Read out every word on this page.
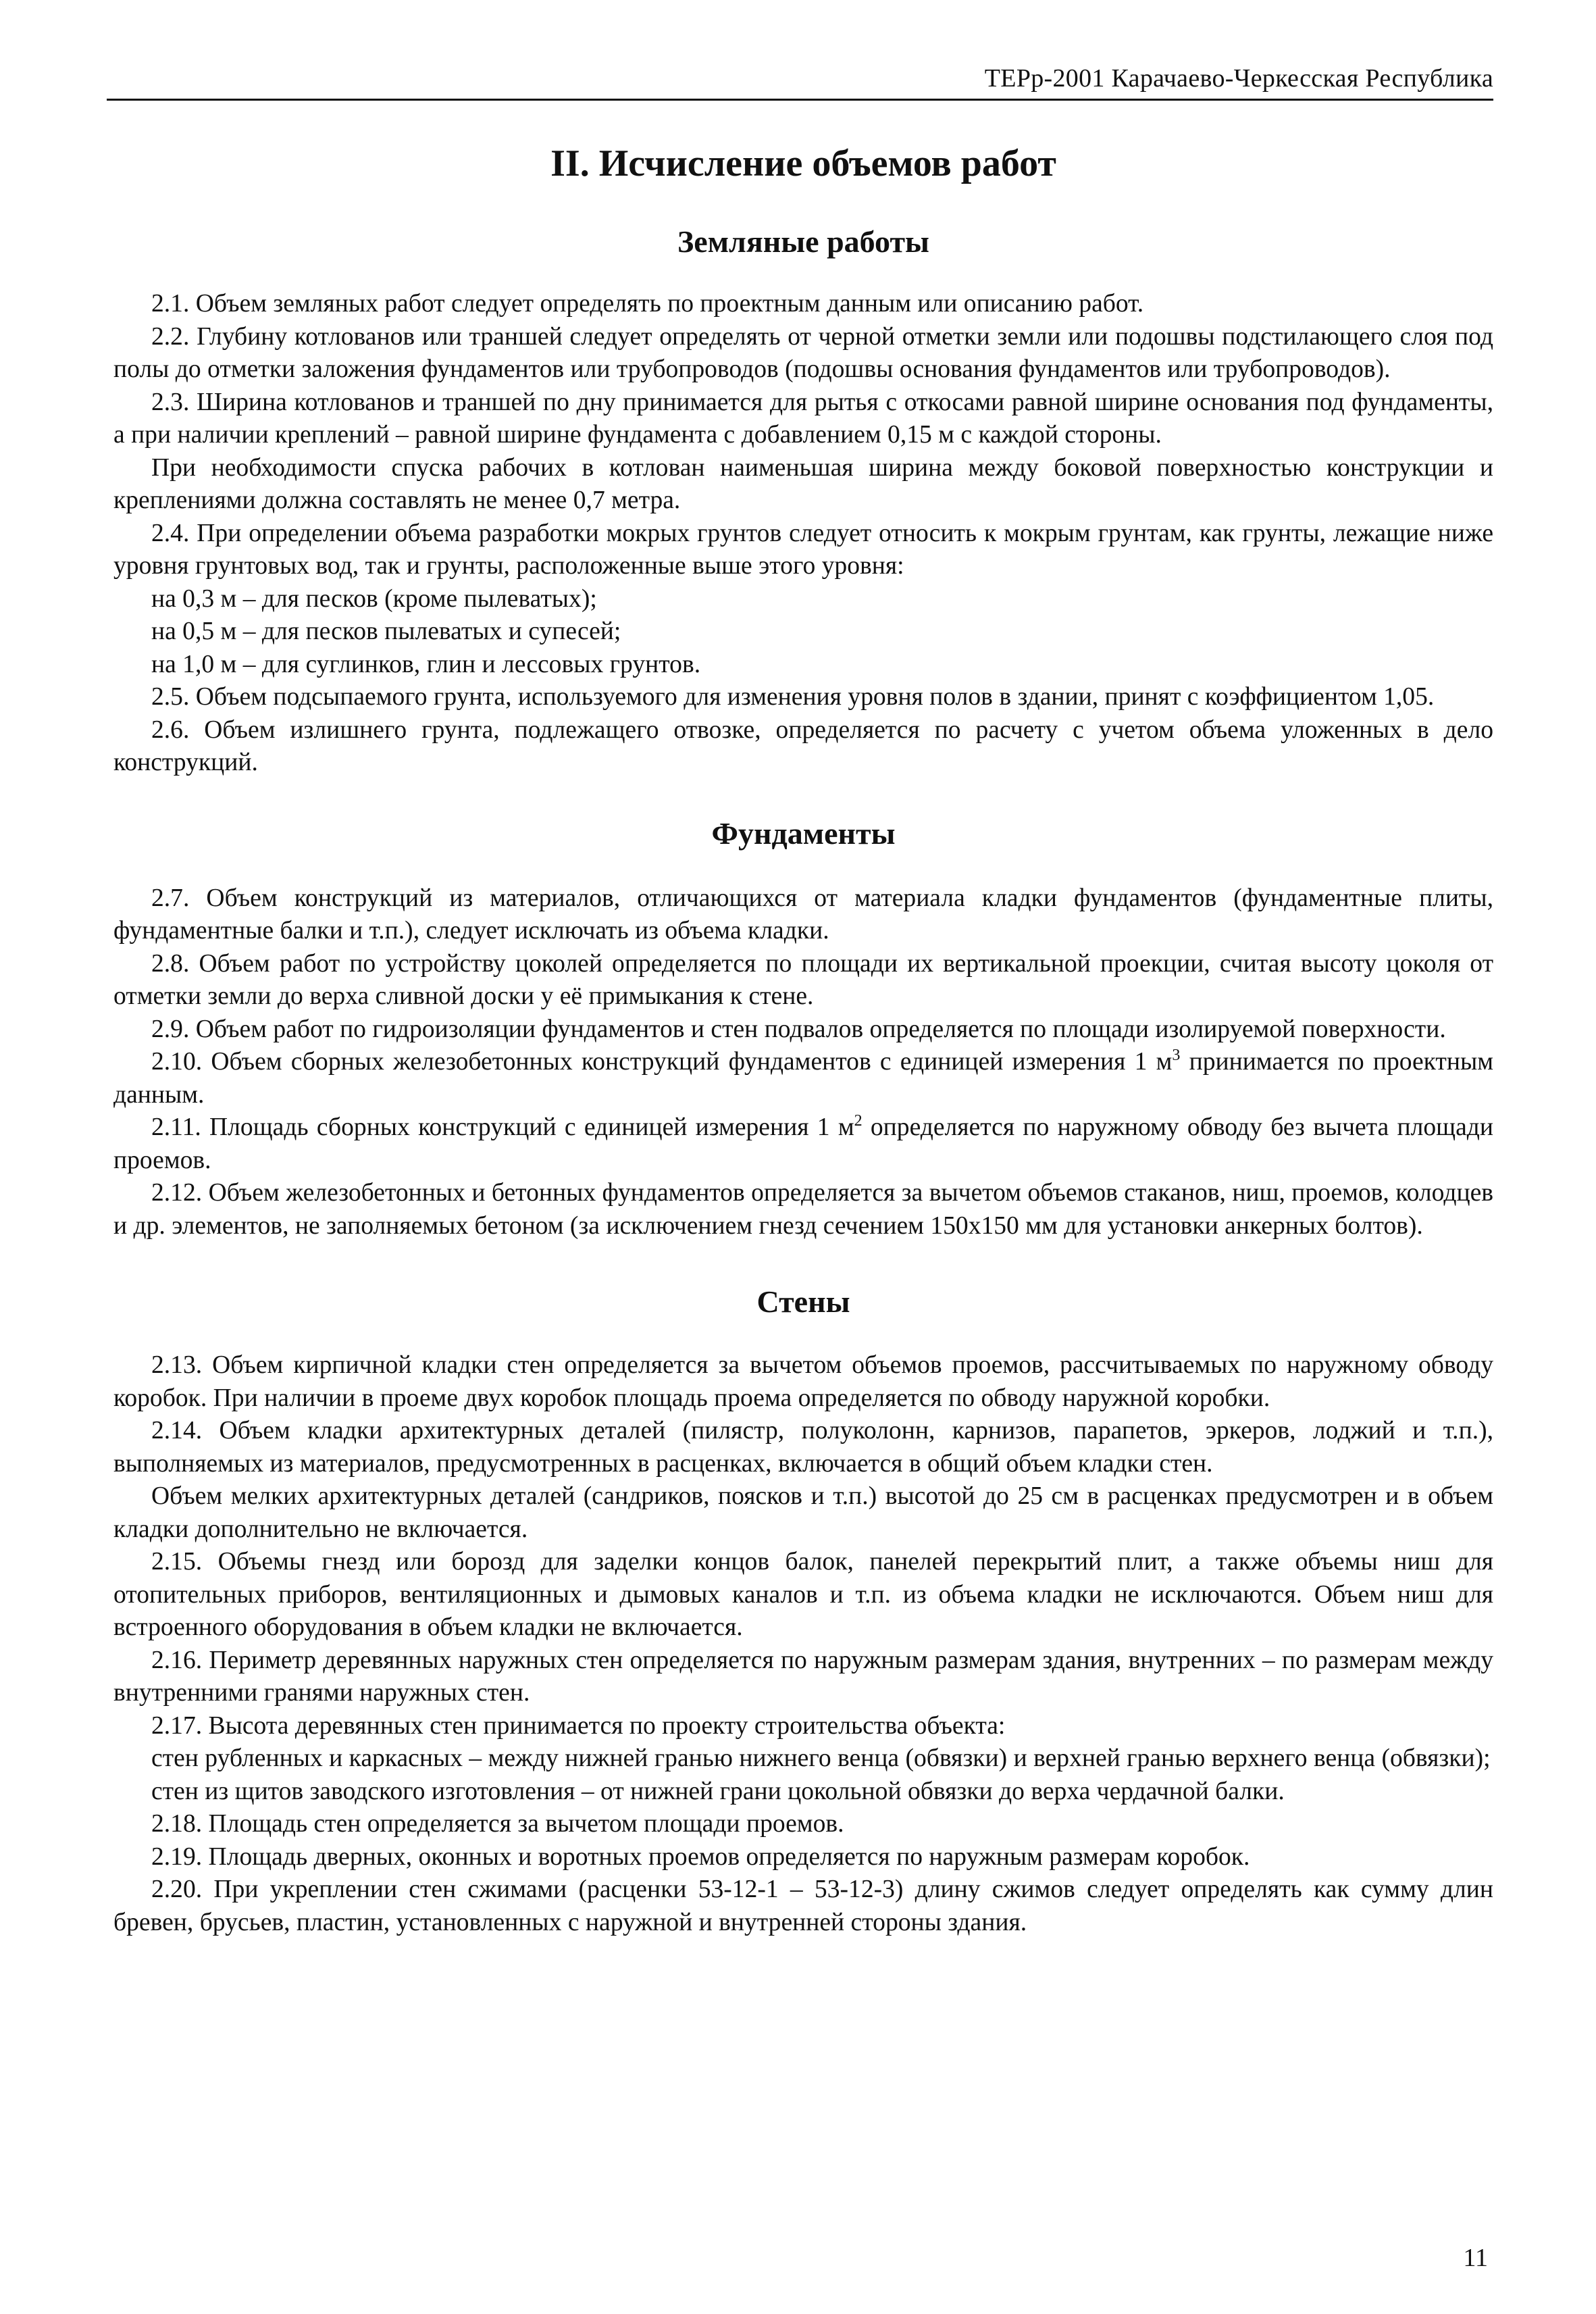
ТЕРр-2001 Карачаево-Черкесская Республика
II. Исчисление объемов работ
Земляные работы

2.1. Объем земляных работ следует определять по проектным данным или описанию работ.

2.2. Глубину котлованов или траншей следует определять от черной отметки земли или подошвы подстилающего слоя под полы до отметки заложения фундаментов или трубопроводов (подошвы основания фундаментов или трубопроводов).

2.3. Ширина котлованов и траншей по дну принимается для рытья с откосами равной ширине основания под фундаменты, а при наличии креплений – равной ширине фундамента с добавлением 0,15 м с каждой стороны.

При необходимости спуска рабочих в котлован наименьшая ширина между боковой поверхностью конструкции и креплениями должна составлять не менее 0,7 метра.

2.4. При определении объема разработки мокрых грунтов следует относить к мокрым грунтам, как грунты, лежащие ниже уровня грунтовых вод, так и грунты, расположенные выше этого уровня:

на 0,3 м – для песков (кроме пылеватых);

на 0,5 м – для песков пылеватых и супесей;

на 1,0 м – для суглинков, глин и лессовых грунтов.

2.5. Объем подсыпаемого грунта, используемого для изменения уровня полов в здании, принят с коэффициентом 1,05.

2.6. Объем излишнего грунта, подлежащего отвозке, определяется по расчету с учетом объема уложенных в дело конструкций.

Фундаменты

2.7. Объем конструкций из материалов, отличающихся от материала кладки фундаментов (фундаментные плиты, фундаментные балки и т.п.), следует исключать из объема кладки.

2.8. Объем работ по устройству цоколей определяется по площади их вертикальной проекции, считая высоту цоколя от отметки земли до верха сливной доски у её примыкания к стене.

2.9. Объем работ по гидроизоляции фундаментов и стен подвалов определяется по площади изолируемой поверхности.

2.10. Объем сборных железобетонных конструкций фундаментов с единицей измерения 1 $м^3$ принимается по проектным данным.

2.11. Площадь сборных конструкций с единицей измерения 1 $м^2$ определяется по наружному обводу без вычета площади проемов.

2.12. Объем железобетонных и бетонных фундаментов определяется за вычетом объемов стаканов, ниш, проемов, колодцев и др. элементов, не заполняемых бетоном (за исключением гнезд сечением 150x150 мм для установки анкерных болтов).

Стены

2.13. Объем кирпичной кладки стен определяется за вычетом объемов проемов, рассчитываемых по наружному обводу коробок. При наличии в проеме двух коробок площадь проема определяется по обводу наружной коробки.

2.14. Объем кладки архитектурных деталей (пилястр, полуколонн, карнизов, парапетов, эркеров, лоджий и т.п.), выполняемых из материалов, предусмотренных в расценках, включается в общий объем кладки стен.

Объем мелких архитектурных деталей (сандриков, поясков и т.п.) высотой до 25 см в расценках предусмотрен и в объем кладки дополнительно не включается.

2.15. Объемы гнезд или борозд для заделки концов балок, панелей перекрытий плит, а также объемы ниш для отопительных приборов, вентиляционных и дымовых каналов и т.п. из объема кладки не исключаются. Объем ниш для встроенного оборудования в объем кладки не включается.

2.16. Периметр деревянных наружных стен определяется по наружным размерам здания, внутренних – по размерам между внутренними гранями наружных стен.

2.17. Высота деревянных стен принимается по проекту строительства объекта:

стен рубленных и каркасных – между нижней гранью нижнего венца (обвязки) и верхней гранью верхнего венца (обвязки);

стен из щитов заводского изготовления – от нижней грани цокольной обвязки до верха чердачной балки.

2.18. Площадь стен определяется за вычетом площади проемов.

2.19. Площадь дверных, оконных и воротных проемов определяется по наружным размерам коробок.

2.20. При укреплении стен сжимами (расценки 53-12-1 – 53-12-3) длину сжимов следует определять как сумму длин бревен, брусьев, пластин, установленных с наружной и внутренней стороны здания.

11
